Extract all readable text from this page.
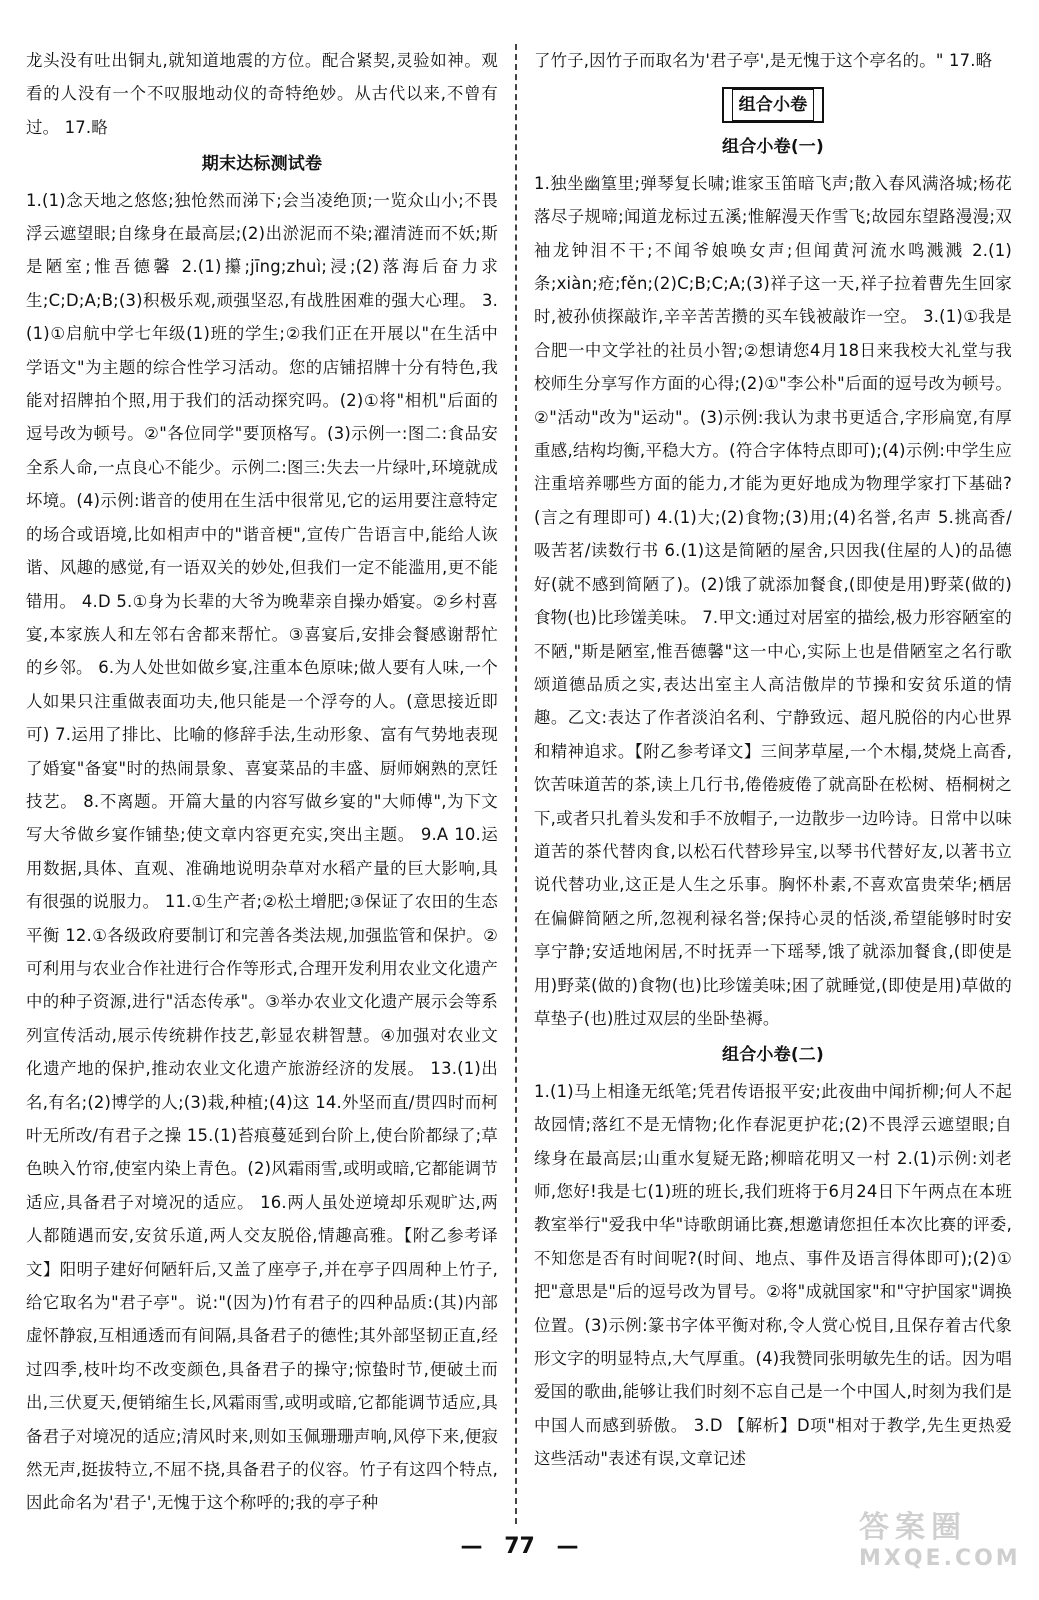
龙头没有吐出铜丸,就知道地震的方位。配合紧契,灵验如神。观看的人没有一个不叹服地动仪的奇特绝妙。从古代以来,不曾有过。 17.略

期末达标测试卷

1.(1)念天地之悠悠;独怆然而涕下;会当凌绝顶;一览众山小;不畏浮云遮望眼;自缘身在最高层;(2)出淤泥而不染;濯清涟而不妖;斯是陋室;惟吾德馨 2.(1)攥;jīng;zhuì;浸;(2)落海后奋力求生;C;D;A;B;(3)积极乐观,顽强坚忍,有战胜困难的强大心理。 3.(1)①启航中学七年级(1)班的学生;②我们正在开展以"在生活中学语文"为主题的综合性学习活动。您的店铺招牌十分有特色,我能对招牌拍个照,用于我们的活动探究吗。(2)①将"相机"后面的逗号改为顿号。②"各位同学"要顶格写。(3)示例一:图二:食品安全系人命,一点良心不能少。示例二:图三:失去一片绿叶,环境就成坏境。(4)示例:谐音的使用在生活中很常见,它的运用要注意特定的场合或语境,比如相声中的"谐音梗",宣传广告语言中,能给人诙谐、风趣的感觉,有一语双关的妙处,但我们一定不能滥用,更不能错用。 4.D 5.①身为长辈的大爷为晚辈亲自操办婚宴。②乡村喜宴,本家族人和左邻右舍都来帮忙。③喜宴后,安排会餐感谢帮忙的乡邻。 6.为人处世如做乡宴,注重本色原味;做人要有人味,一个人如果只注重做表面功夫,他只能是一个浮夸的人。(意思接近即可) 7.运用了排比、比喻的修辞手法,生动形象、富有气势地表现了婚宴"备宴"时的热闹景象、喜宴菜品的丰盛、厨师娴熟的烹饪技艺。 8.不离题。开篇大量的内容写做乡宴的"大师傅",为下文写大爷做乡宴作铺垫;使文章内容更充实,突出主题。 9.A 10.运用数据,具体、直观、准确地说明杂草对水稻产量的巨大影响,具有很强的说服力。 11.①生产者;②松土增肥;③保证了农田的生态平衡 12.①各级政府要制订和完善各类法规,加强监管和保护。②可利用与农业合作社进行合作等形式,合理开发利用农业文化遗产中的种子资源,进行"活态传承"。③举办农业文化遗产展示会等系列宣传活动,展示传统耕作技艺,彰显农耕智慧。④加强对农业文化遗产地的保护,推动农业文化遗产旅游经济的发展。 13.(1)出名,有名;(2)博学的人;(3)栽,种植;(4)这 14.外坚而直/贯四时而柯叶无所改/有君子之操 15.(1)苔痕蔓延到台阶上,使台阶都绿了;草色映入竹帘,使室内染上青色。(2)风霜雨雪,或明或暗,它都能调节适应,具备君子对境况的适应。 16.两人虽处逆境却乐观旷达,两人都随遇而安,安贫乐道,两人交友脱俗,情趣高雅。【附乙参考译文】阳明子建好何陋轩后,又盖了座亭子,并在亭子四周种上竹子,给它取名为"君子亭"。说:"(因为)竹有君子的四种品质:(其)内部虚怀静寂,互相通透而有间隔,具备君子的德性;其外部坚韧正直,经过四季,枝叶均不改变颜色,具备君子的操守;惊蛰时节,便破土而出,三伏夏天,便销缩生长,风霜雨雪,或明或暗,它都能调节适应,具备君子对境况的适应;清风时来,则如玉佩珊珊声响,风停下来,便寂然无声,挺拔特立,不屈不挠,具备君子的仪容。竹子有这四个特点,因此命名为'君子',无愧于这个称呼的;我的亭子种

了竹子,因竹子而取名为'君子亭',是无愧于这个亭名的。" 17.略

组合小卷
组合小卷(一)

1.独坐幽篁里;弹琴复长啸;谁家玉笛暗飞声;散入春风满洛城;杨花落尽子规啼;闻道龙标过五溪;惟解漫天作雪飞;故园东望路漫漫;双袖龙钟泪不干;不闻爷娘唤女声;但闻黄河流水鸣溅溅 2.(1)条;xiàn;疮;fěn;(2)C;B;C;A;(3)祥子这一天,祥子拉着曹先生回家时,被孙侦探敲诈,辛辛苦苦攒的买车钱被敲诈一空。 3.(1)①我是合肥一中文学社的社员小智;②想请您4月18日来我校大礼堂与我校师生分享写作方面的心得;(2)①"李公朴"后面的逗号改为顿号。②"活动"改为"运动"。(3)示例:我认为隶书更适合,字形扁宽,有厚重感,结构均衡,平稳大方。(符合字体特点即可);(4)示例:中学生应注重培养哪些方面的能力,才能为更好地成为物理学家打下基础?(言之有理即可) 4.(1)大;(2)食物;(3)用;(4)名誉,名声 5.挑高香/吸苦茗/读数行书 6.(1)这是简陋的屋舍,只因我(住屋的人)的品德好(就不感到简陋了)。(2)饿了就添加餐食,(即使是用)野菜(做的)食物(也)比珍馐美味。 7.甲文:通过对居室的描绘,极力形容陋室的不陋,"斯是陋室,惟吾德馨"这一中心,实际上也是借陋室之名行歌颂道德品质之实,表达出室主人高洁傲岸的节操和安贫乐道的情趣。乙文:表达了作者淡泊名利、宁静致远、超凡脱俗的内心世界和精神追求。【附乙参考译文】三间茅草屋,一个木榻,焚烧上高香,饮苦味道苦的茶,读上几行书,倦倦疲倦了就高卧在松树、梧桐树之下,或者只扎着头发和手不放帽子,一边散步一边吟诗。日常中以味道苦的茶代替肉食,以松石代替珍异宝,以琴书代替好友,以著书立说代替功业,这正是人生之乐事。胸怀朴素,不喜欢富贵荣华;栖居在偏僻简陋之所,忽视利禄名誉;保持心灵的恬淡,希望能够时时安享宁静;安适地闲居,不时抚弄一下瑶琴,饿了就添加餐食,(即使是用)野菜(做的)食物(也)比珍馐美味;困了就睡觉,(即使是用)草做的草垫子(也)胜过双层的坐卧垫褥。

组合小卷(二)

1.(1)马上相逢无纸笔;凭君传语报平安;此夜曲中闻折柳;何人不起故园情;落红不是无情物;化作春泥更护花;(2)不畏浮云遮望眼;自缘身在最高层;山重水复疑无路;柳暗花明又一村 2.(1)示例:刘老师,您好!我是七(1)班的班长,我们班将于6月24日下午两点在本班教室举行"爱我中华"诗歌朗诵比赛,想邀请您担任本次比赛的评委,不知您是否有时间呢?(时间、地点、事件及语言得体即可);(2)①把"意思是"后的逗号改为冒号。②将"成就国家"和"守护国家"调换位置。(3)示例:篆书字体平衡对称,令人赏心悦目,且保存着古代象形文字的明显特点,大气厚重。(4)我赞同张明敏先生的话。因为唱爱国的歌曲,能够让我们时刻不忘自己是一个中国人,时刻为我们是中国人而感到骄傲。 3.D 【解析】D项"相对于教学,先生更热爱这些活动"表述有误,文章记述

— 77 —
答案圈
MXQE.COM
